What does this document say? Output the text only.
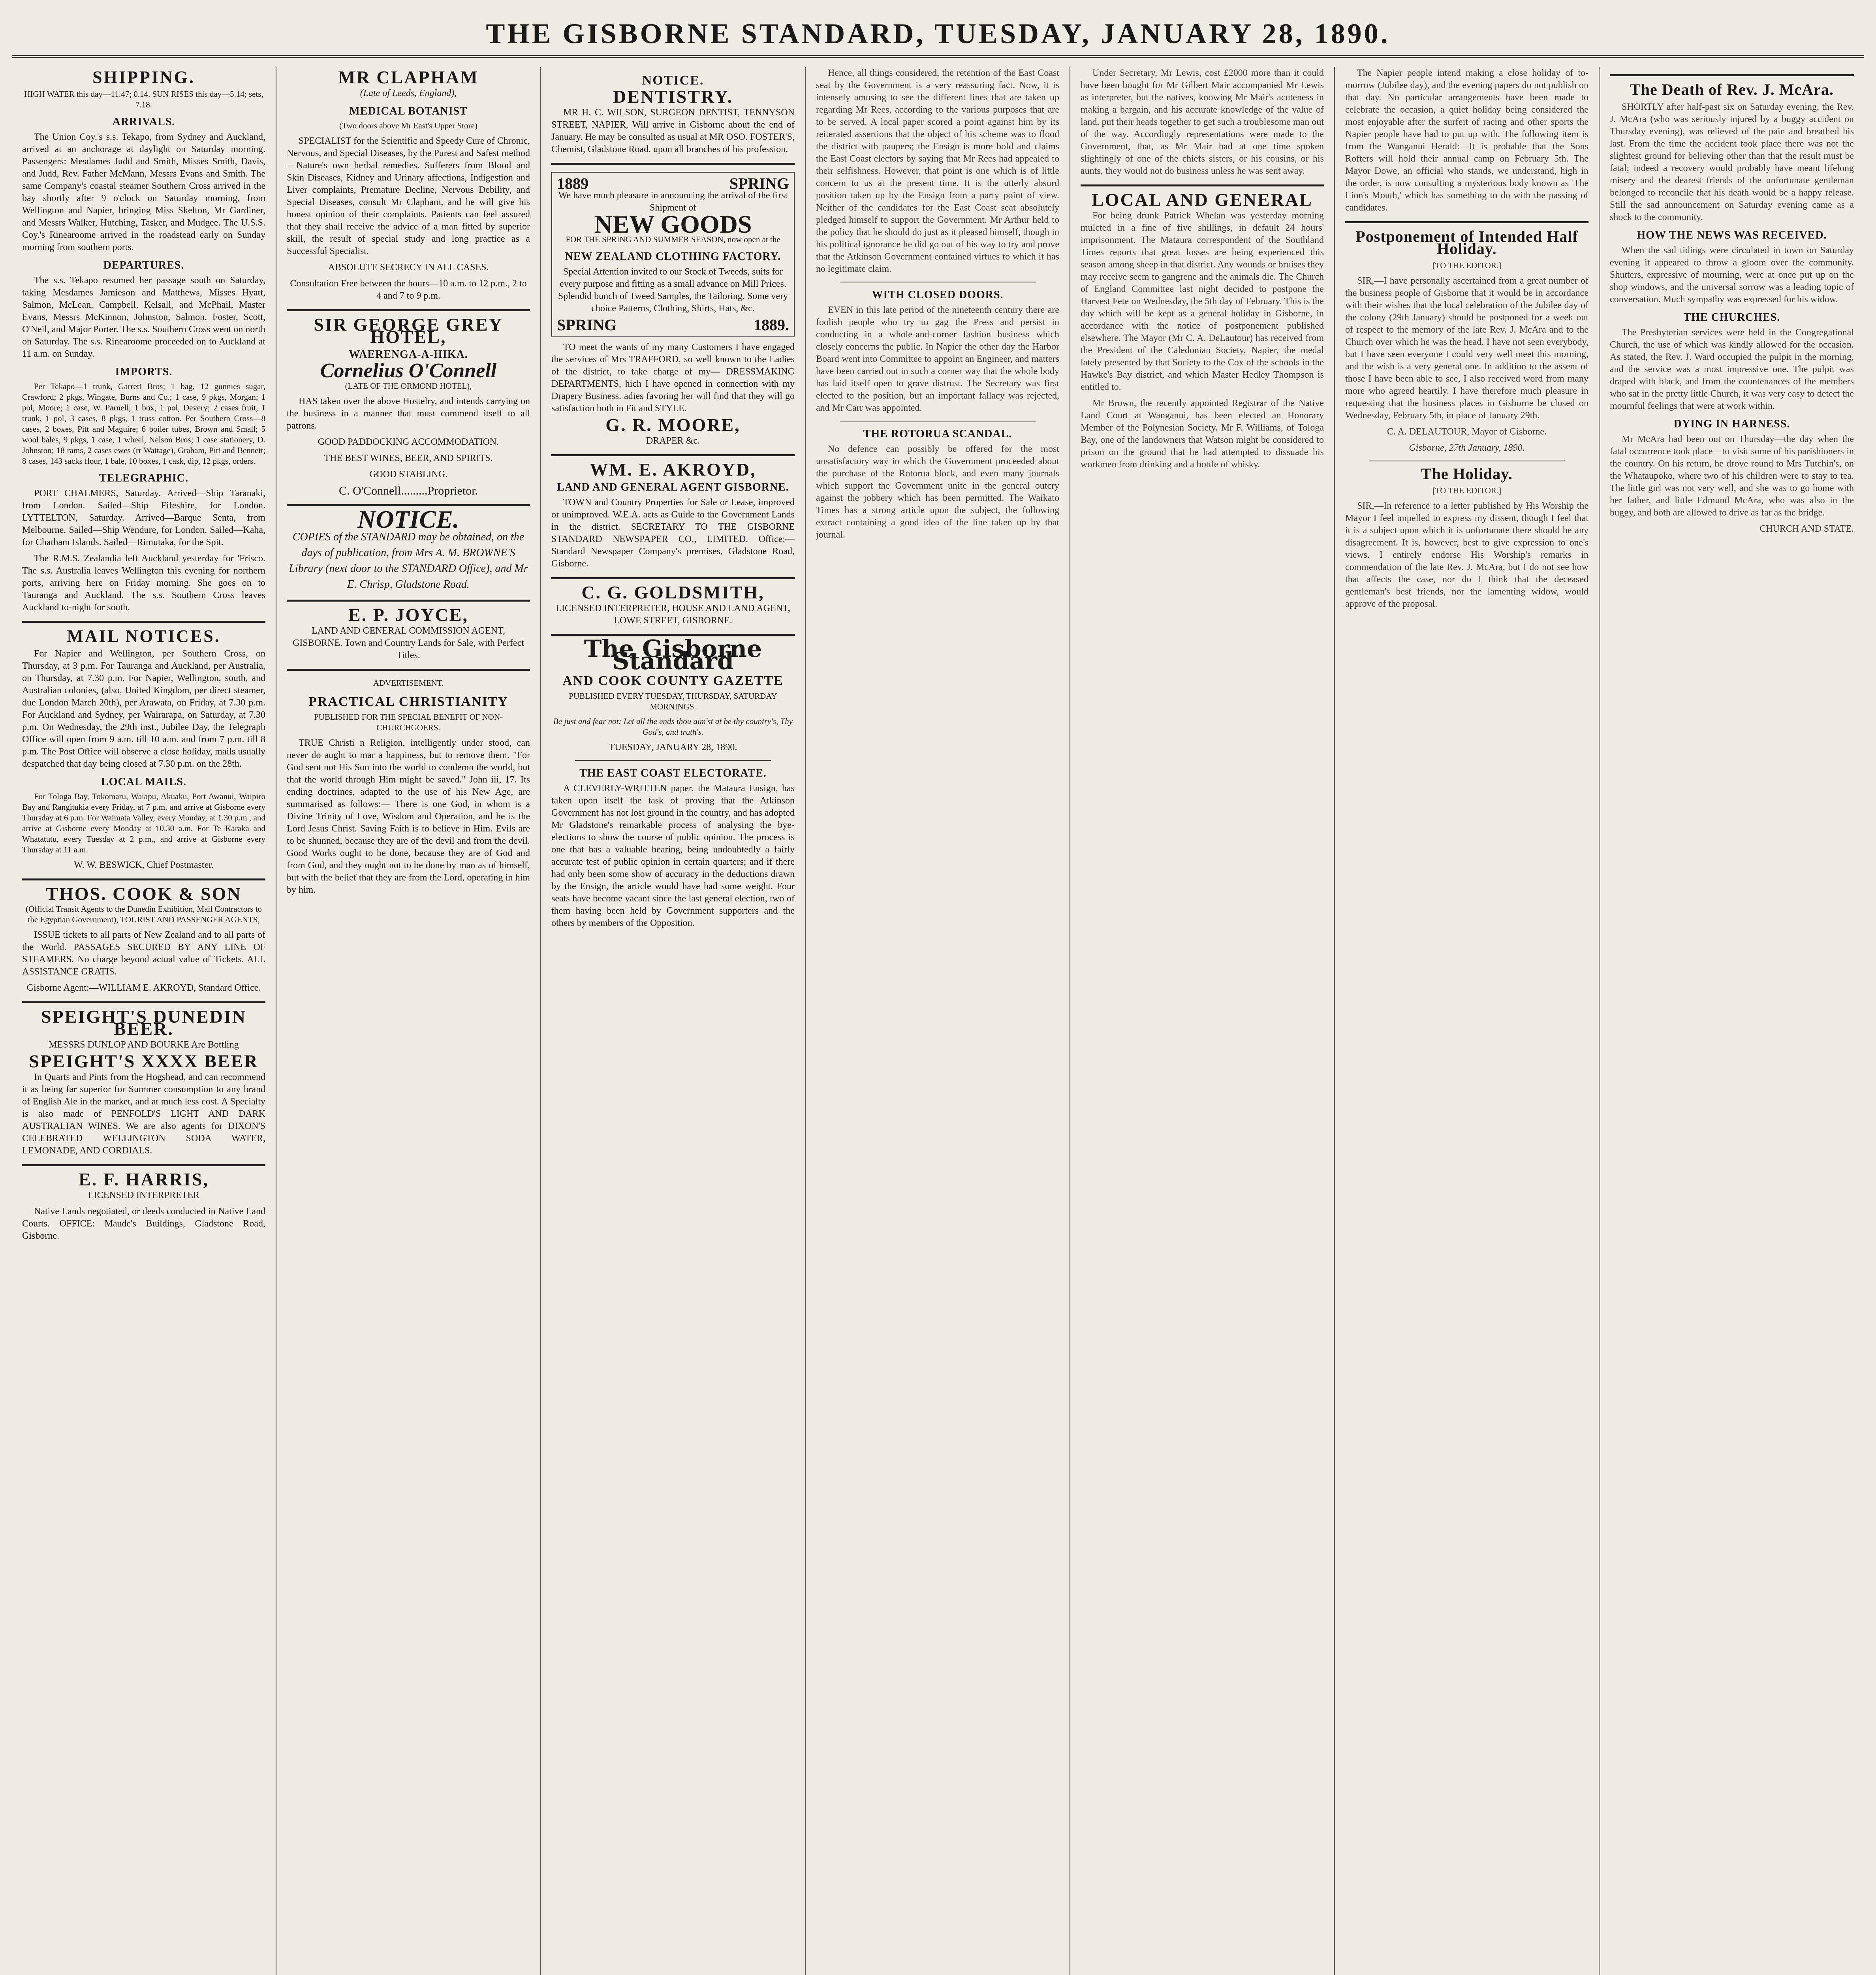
THE GISBORNE STANDARD, TUESDAY, JANUARY 28, 1890.
SHIPPING.

HIGH WATER this day—11.47; 0.14. SUN RISES this day—5.14; sets, 7.18.

ARRIVALS.

The Union Coy.'s s.s. Tekapo, from Sydney and Auckland, arrived at an anchorage at daylight on Saturday morning. Passengers: Mesdames Judd and Smith, Misses Smith, Davis, and Judd, Rev. Father McMann, Messrs Evans and Smith. The same Company's coastal steamer Southern Cross arrived in the bay shortly after 9 o'clock on Saturday morning, from Wellington and Napier, bringing Miss Skelton, Mr Gardiner, and Messrs Walker, Hutching, Tasker, and Mudgee. The U.S.S. Coy.'s Rinearoome arrived in the roadstead early on Sunday morning from southern ports.

DEPARTURES.

The s.s. Tekapo resumed her passage south on Saturday, taking Mesdames Jamieson and Matthews, Misses Hyatt, Salmon, McLean, Campbell, Kelsall, and McPhail, Master Evans, Messrs McKinnon, Johnston, Salmon, Foster, Scott, O'Neil, and Major Porter. The s.s. Southern Cross went on north on Saturday. The s.s. Rinearoome proceeded on to Auckland at 11 a.m. on Sunday.

IMPORTS.

Per Tekapo—1 trunk, Garrett Bros; 1 bag, 12 gunnies sugar, Crawford; 2 pkgs, Wingate, Burns and Co.; 1 case, 9 pkgs, Morgan; 1 pol, Moore; 1 case, W. Parnell; 1 box, 1 pol, Devery; 2 cases fruit, 1 trunk, 1 pol, 3 cases, 8 pkgs, 1 truss cotton. Per Southern Cross—8 cases, 2 boxes, Pitt and Maguire; 6 boiler tubes, Brown and Small; 5 wool bales, 9 pkgs, 1 case, 1 wheel, Nelson Bros; 1 case stationery, D. Johnston; 18 rams, 2 cases ewes (rr Wattage), Graham, Pitt and Bennett; 8 cases, 143 sacks flour, 1 bale, 10 boxes, 1 cask, dip, 12 pkgs, orders.

TELEGRAPHIC.

PORT CHALMERS, Saturday. Arrived—Ship Taranaki, from London. Sailed—Ship Fifeshire, for London. LYTTELTON, Saturday. Arrived—Barque Senta, from Melbourne. Sailed—Ship Wendure, for London. Sailed—Kaha, for Chatham Islands. Sailed—Rimutaka, for the Spit.

The R.M.S. Zealandia left Auckland yesterday for 'Frisco. The s.s. Australia leaves Wellington this evening for northern ports, arriving here on Friday morning. She goes on to Tauranga and Auckland. The s.s. Southern Cross leaves Auckland to-night for south.

MAIL NOTICES.

For Napier and Wellington, per Southern Cross, on Thursday, at 3 p.m. For Tauranga and Auckland, per Australia, on Thursday, at 7.30 p.m. For Napier, Wellington, south, and Australian colonies, (also, United Kingdom, per direct steamer, due London March 20th), per Arawata, on Friday, at 7.30 p.m. For Auckland and Sydney, per Wairarapa, on Saturday, at 7.30 p.m. On Wednesday, the 29th inst., Jubilee Day, the Telegraph Office will open from 9 a.m. till 10 a.m. and from 7 p.m. till 8 p.m. The Post Office will observe a close holiday, mails usually despatched that day being closed at 7.30 p.m. on the 28th.

LOCAL MAILS.

For Tologa Bay, Tokomaru, Waiapu, Akuaku, Port Awanui, Waipiro Bay and Rangitukia every Friday, at 7 p.m. and arrive at Gisborne every Thursday at 6 p.m. For Waimata Valley, every Monday, at 1.30 p.m., and arrive at Gisborne every Monday at 10.30 a.m. For Te Karaka and Whatatutu, every Tuesday at 2 p.m., and arrive at Gisborne every Thursday at 11 a.m.

W. W. BESWICK, Chief Postmaster.

THOS. COOK & SON

(Official Transit Agents to the Dunedin Exhibition, Mail Contractors to the Egyptian Government), TOURIST AND PASSENGER AGENTS,

ISSUE tickets to all parts of New Zealand and to all parts of the World. PASSAGES SECURED BY ANY LINE OF STEAMERS. No charge beyond actual value of Tickets. ALL ASSISTANCE GRATIS.

Gisborne Agent:—WILLIAM E. AKROYD, Standard Office.

SPEIGHT'S DUNEDIN BEER.

MESSRS DUNLOP AND BOURKE Are Bottling

SPEIGHT'S XXXX BEER

In Quarts and Pints from the Hogshead, and can recommend it as being far superior for Summer consumption to any brand of English Ale in the market, and at much less cost. A Specialty is also made of PENFOLD'S LIGHT AND DARK AUSTRALIAN WINES. We are also agents for DIXON'S CELEBRATED WELLINGTON SODA WATER, LEMONADE, AND CORDIALS.

E. F. HARRIS,

LICENSED INTERPRETER

Native Lands negotiated, or deeds conducted in Native Land Courts. OFFICE: Maude's Buildings, Gladstone Road, Gisborne.

MR CLAPHAM

(Late of Leeds, England),

MEDICAL BOTANIST

(Two doors above Mr East's Upper Store)

SPECIALIST for the Scientific and Speedy Cure of Chronic, Nervous, and Special Diseases, by the Purest and Safest method—Nature's own herbal remedies. Sufferers from Blood and Skin Diseases, Kidney and Urinary affections, Indigestion and Liver complaints, Premature Decline, Nervous Debility, and Special Diseases, consult Mr Clapham, and he will give his honest opinion of their complaints. Patients can feel assured that they shall receive the advice of a man fitted by superior skill, the result of special study and long practice as a Successful Specialist.

ABSOLUTE SECRECY IN ALL CASES.

Consultation Free between the hours—10 a.m. to 12 p.m., 2 to 4 and 7 to 9 p.m.

SIR GEORGE GREY HOTEL,
WAERENGA-A-HIKA.
Cornelius O'Connell

(LATE OF THE ORMOND HOTEL),

HAS taken over the above Hostelry, and intends carrying on the business in a manner that must commend itself to all patrons.

GOOD PADDOCKING ACCOMMODATION.

THE BEST WINES, BEER, AND SPIRITS.

GOOD STABLING.

C. O'Connell.........Proprietor.

NOTICE.

COPIES of the STANDARD may be obtained, on the days of publication, from Mrs A. M. BROWNE'S Library (next door to the STANDARD Office), and Mr E. Chrisp, Gladstone Road.

E. P. JOYCE,

LAND AND GENERAL COMMISSION AGENT, GISBORNE. Town and Country Lands for Sale, with Perfect Titles.

ADVERTISEMENT.

PRACTICAL CHRISTIANITY

PUBLISHED FOR THE SPECIAL BENEFIT OF NON-CHURCHGOERS.

TRUE Christi n Religion, intelligently under stood, can never do aught to mar a happiness, but to remove them. "For God sent not His Son into the world to condemn the world, but that the world through Him might be saved." John iii, 17. Its ending doctrines, adapted to the use of his New Age, are summarised as follows:— There is one God, in whom is a Divine Trinity of Love, Wisdom and Operation, and he is the Lord Jesus Christ. Saving Faith is to believe in Him. Evils are to be shunned, because they are of the devil and from the devil. Good Works ought to be done, because they are of God and from God, and they ought not to be done by man as of himself, but with the belief that they are from the Lord, operating in him by him.

NOTICE.
DENTISTRY.

MR H. C. WILSON, SURGEON DENTIST, TENNYSON STREET, NAPIER, Will arrive in Gisborne about the end of January. He may be consulted as usual at MR OSO. FOSTER'S, Chemist, Gladstone Road, upon all branches of his profession.

1889	SPRING

We have much pleasure in announcing the arrival of the first Shipment of

NEW GOODS

FOR THE SPRING AND SUMMER SEASON, now open at the

NEW ZEALAND CLOTHING FACTORY.

Special Attention invited to our Stock of Tweeds, suits for every purpose and fitting as a small advance on Mill Prices. Splendid bunch of Tweed Samples, the Tailoring. Some very choice Patterns, Clothing, Shirts, Hats, &c.

SPRING	1889.

TO meet the wants of my many Customers I have engaged the services of Mrs TRAFFORD, so well known to the Ladies of the district, to take charge of my— DRESSMAKING DEPARTMENTS, hich I have opened in connection with my Drapery Business. adies favoring her will find that they will go satisfaction both in Fit and STYLE.

G. R. MOORE,

DRAPER &c.

WM. E. AKROYD,
LAND AND GENERAL AGENT GISBORNE.

TOWN and Country Properties for Sale or Lease, improved or unimproved. W.E.A. acts as Guide to the Government Lands in the district. SECRETARY TO THE GISBORNE STANDARD NEWSPAPER CO., LIMITED. Office:—Standard Newspaper Company's premises, Gladstone Road, Gisborne.

C. G. GOLDSMITH,

LICENSED INTERPRETER, HOUSE AND LAND AGENT, LOWE STREET, GISBORNE.

The Gisborne Standard
AND COOK COUNTY GAZETTE

PUBLISHED EVERY TUESDAY, THURSDAY, SATURDAY MORNINGS.

Be just and fear not: Let all the ends thou aim'st at be thy country's, Thy God's, and truth's.

TUESDAY, JANUARY 28, 1890.

THE EAST COAST ELECTORATE.

A CLEVERLY-WRITTEN paper, the Mataura Ensign, has taken upon itself the task of proving that the Atkinson Government has not lost ground in the country, and has adopted Mr Gladstone's remarkable process of analysing the bye-elections to show the course of public opinion. The process is one that has a valuable bearing, being undoubtedly a fairly accurate test of public opinion in certain quarters; and if there had only been some show of accuracy in the deductions drawn by the Ensign, the article would have had some weight. Four seats have become vacant since the last general election, two of them having been held by Government supporters and the others by members of the Opposition.

Hence, all things considered, the retention of the East Coast seat by the Government is a very reassuring fact. Now, it is intensely amusing to see the different lines that are taken up regarding Mr Rees, according to the various purposes that are to be served. A local paper scored a point against him by its reiterated assertions that the object of his scheme was to flood the district with paupers; the Ensign is more bold and claims the East Coast electors by saying that Mr Rees had appealed to their selfishness. However, that point is one which is of little concern to us at the present time. It is the utterly absurd position taken up by the Ensign from a party point of view. Neither of the candidates for the East Coast seat absolutely pledged himself to support the Government. Mr Arthur held to the policy that he should do just as it pleased himself, though in his political ignorance he did go out of his way to try and prove that the Atkinson Government contained virtues to which it has no legitimate claim.

WITH CLOSED DOORS.

EVEN in this late period of the nineteenth century there are foolish people who try to gag the Press and persist in conducting in a whole-and-corner fashion business which closely concerns the public. In Napier the other day the Harbor Board went into Committee to appoint an Engineer, and matters have been carried out in such a corner way that the whole body has laid itself open to grave distrust. The Secretary was first elected to the position, but an important fallacy was rejected, and Mr Carr was appointed.

THE ROTORUA SCANDAL.

No defence can possibly be offered for the most unsatisfactory way in which the Government proceeded about the purchase of the Rotorua block, and even many journals which support the Government unite in the general outcry against the jobbery which has been permitted. The Waikato Times has a strong article upon the subject, the following extract containing a good idea of the line taken up by that journal.

Under Secretary, Mr Lewis, cost £2000 more than it could have been bought for Mr Gilbert Mair accompanied Mr Lewis as interpreter, but the natives, knowing Mr Mair's acuteness in making a bargain, and his accurate knowledge of the value of land, put their heads together to get such a troublesome man out of the way. Accordingly representations were made to the Government, that, as Mr Mair had at one time spoken slightingly of one of the chiefs sisters, or his cousins, or his aunts, they would not do business unless he was sent away.

LOCAL AND GENERAL

For being drunk Patrick Whelan was yesterday morning mulcted in a fine of five shillings, in default 24 hours' imprisonment. The Mataura correspondent of the Southland Times reports that great losses are being experienced this season among sheep in that district. Any wounds or bruises they may receive seem to gangrene and the animals die. The Church of England Committee last night decided to postpone the Harvest Fete on Wednesday, the 5th day of February. This is the day which will be kept as a general holiday in Gisborne, in accordance with the notice of postponement published elsewhere. The Mayor (Mr C. A. DeLautour) has received from the President of the Caledonian Society, Napier, the medal lately presented by that Society to the Cox of the schools in the Hawke's Bay district, and which Master Hedley Thompson is entitled to.

Mr Brown, the recently appointed Registrar of the Native Land Court at Wanganui, has been elected an Honorary Member of the Polynesian Society. Mr F. Williams, of Tologa Bay, one of the landowners that Watson might be considered to prison on the ground that he had attempted to dissuade his workmen from drinking and a bottle of whisky.

The Napier people intend making a close holiday of to-morrow (Jubilee day), and the evening papers do not publish on that day. No particular arrangements have been made to celebrate the occasion, a quiet holiday being considered the most enjoyable after the surfeit of racing and other sports the Napier people have had to put up with. The following item is from the Wanganui Herald:—It is probable that the Sons Rofters will hold their annual camp on February 5th. The Mayor Dowe, an official who stands, we understand, high in the order, is now consulting a mysterious body known as 'The Lion's Mouth,' which has something to do with the passing of candidates.

Postponement of Intended Half Holiday.

[TO THE EDITOR.]

SIR,—I have personally ascertained from a great number of the business people of Gisborne that it would be in accordance with their wishes that the local celebration of the Jubilee day of the colony (29th January) should be postponed for a week out of respect to the memory of the late Rev. J. McAra and to the Church over which he was the head. I have not seen everybody, but I have seen everyone I could very well meet this morning, and the wish is a very general one. In addition to the assent of those I have been able to see, I also received word from many more who agreed heartily. I have therefore much pleasure in requesting that the business places in Gisborne be closed on Wednesday, February 5th, in place of January 29th.

C. A. DELAUTOUR, Mayor of Gisborne.

Gisborne, 27th January, 1890.

The Holiday.

[TO THE EDITOR.]

SIR,—In reference to a letter published by His Worship the Mayor I feel impelled to express my dissent, though I feel that it is a subject upon which it is unfortunate there should be any disagreement. It is, however, best to give expression to one's views. I entirely endorse His Worship's remarks in commendation of the late Rev. J. McAra, but I do not see how that affects the case, nor do I think that the deceased gentleman's best friends, nor the lamenting widow, would approve of the proposal.

The Death of Rev. J. McAra.

SHORTLY after half-past six on Saturday evening, the Rev. J. McAra (who was seriously injured by a buggy accident on Thursday evening), was relieved of the pain and breathed his last. From the time the accident took place there was not the slightest ground for believing other than that the result must be fatal; indeed a recovery would probably have meant lifelong misery and the dearest friends of the unfortunate gentleman belonged to reconcile that his death would be a happy release. Still the sad announcement on Saturday evening came as a shock to the community.

HOW THE NEWS WAS RECEIVED.

When the sad tidings were circulated in town on Saturday evening it appeared to throw a gloom over the community. Shutters, expressive of mourning, were at once put up on the shop windows, and the universal sorrow was a leading topic of conversation. Much sympathy was expressed for his widow.

THE CHURCHES.

The Presbyterian services were held in the Congregational Church, the use of which was kindly allowed for the occasion. As stated, the Rev. J. Ward occupied the pulpit in the morning, and the service was a most impressive one. The pulpit was draped with black, and from the countenances of the members who sat in the pretty little Church, it was very easy to detect the mournful feelings that were at work within.

DYING IN HARNESS.

Mr McAra had been out on Thursday—the day when the fatal occurrence took place—to visit some of his parishioners in the country. On his return, he drove round to Mrs Tutchin's, on the Whataupoko, where two of his children were to stay to tea. The little girl was not very well, and she was to go home with her father, and little Edmund McAra, who was also in the buggy, and both are allowed to drive as far as the bridge.

CHURCH AND STATE.
